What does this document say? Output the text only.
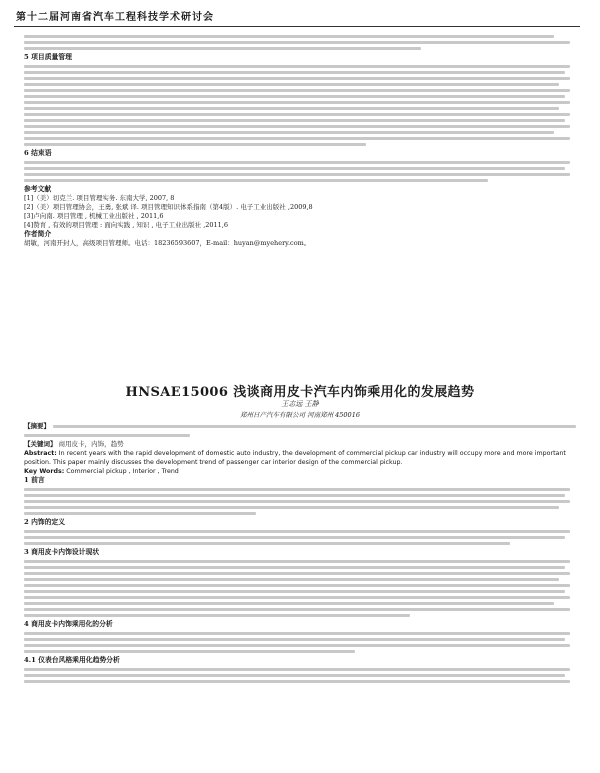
第十二届河南省汽车工程科技学术研讨会
5 项目质量管理
6 结束语
参考文献
[1]（美）切克兰. 项目管理实务. 东南大学, 2007, 8
[2]（美）项目管理协会，王勇, 张斌 译. 项目管理知识体系指南（第4版）. 电子工业出版社 ,2009,8
[3]卢向南. 项目管理 , 机械工业出版社 , 2011,6
[4]赞育 , 有效的项目管理 : 面向实践 , 知识 , 电子工业出版社 ,2011,6
作者简介
胡敏，河南开封人，高级项目管理师。电话：18236593607，E-mail：huyan@myehery.com。
HNSAE15006 浅谈商用皮卡汽车内饰乘用化的发展趋势
王志远 王静
郑州日产汽车有限公司 河南郑州 450016
【摘要】
【关键词】 商用皮卡，内饰，趋势
Abstract: In recent years with the rapid development of domestic auto industry, the development of commercial pickup car industry will occupy more and more important position. This paper mainly discusses the development trend of passenger car interior design of the commercial pickup.
Key Words: Commercial pickup , Interior , Trend
1 前言
2 内饰的定义
3 商用皮卡内饰设计现状
4 商用皮卡内饰乘用化的分析
4.1 仪表台风格乘用化趋势分析
